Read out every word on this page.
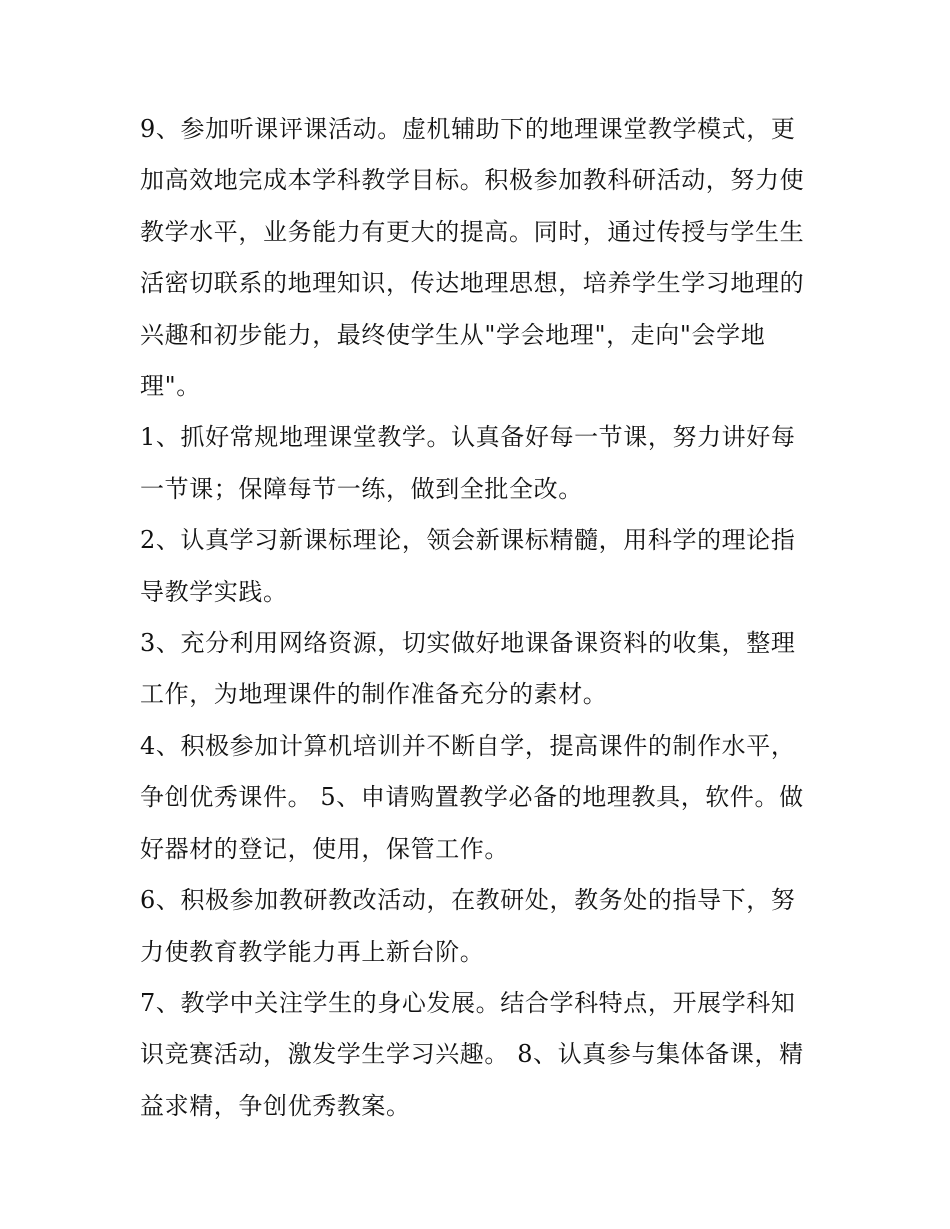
9、参加听课评课活动。虚机辅助下的地理课堂教学模式，更
加高效地完成本学科教学目标。积极参加教科研活动，努力使
教学水平，业务能力有更大的提高。同时，通过传授与学生生
活密切联系的地理知识，传达地理思想，培养学生学习地理的
兴趣和初步能力，最终使学生从"学会地理"，走向"会学地
理"。

1、抓好常规地理课堂教学。认真备好每一节课，努力讲好每
一节课；保障每节一练，做到全批全改。

2、认真学习新课标理论，领会新课标精髓，用科学的理论指
导教学实践。

3、充分利用网络资源，切实做好地课备课资料的收集，整理
工作，为地理课件的制作准备充分的素材。

4、积极参加计算机培训并不断自学，提高课件的制作水平，
争创优秀课件。 5、申请购置教学必备的地理教具，软件。做
好器材的登记，使用，保管工作。

6、积极参加教研教改活动，在教研处，教务处的指导下，努
力使教育教学能力再上新台阶。

7、教学中关注学生的身心发展。结合学科特点，开展学科知
识竞赛活动，激发学生学习兴趣。 8、认真参与集体备课，精
益求精，争创优秀教案。
